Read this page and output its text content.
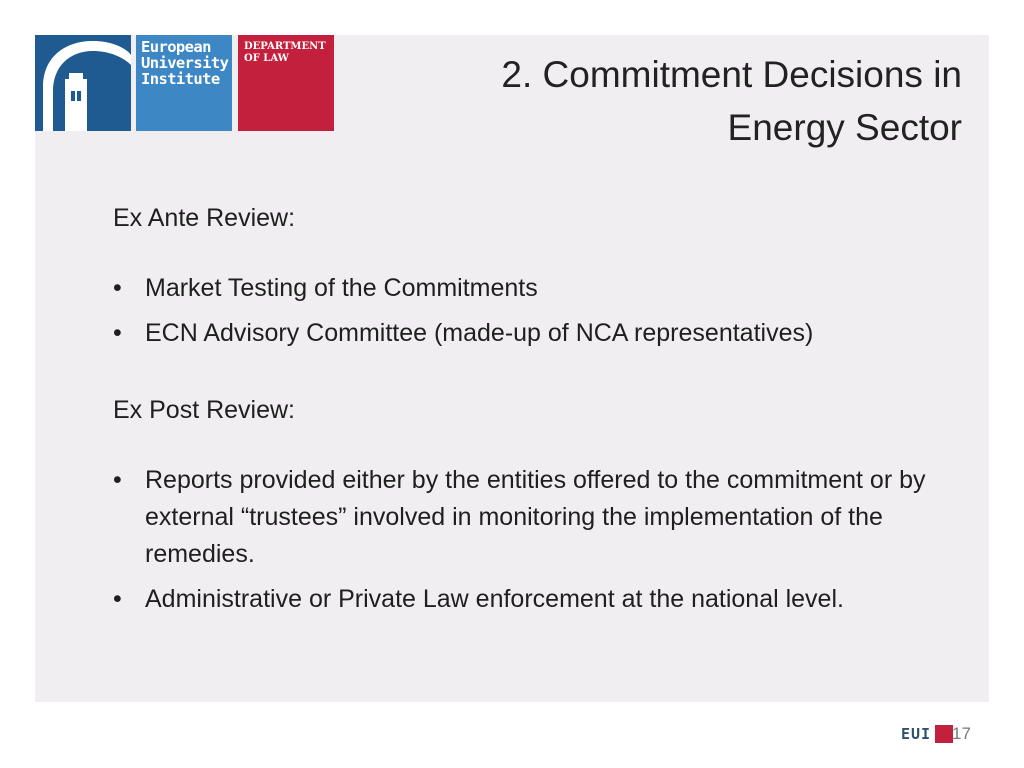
European
University
Institute
DEPARTMENT
OF LAW	2. Commitment Decisions in
Energy Sector

Ex Ante Review:

• Market Testing of the Commitments
• ECN Advisory Committee (made-up of NCA representatives)

Ex Post Review:

• Reports provided either by the entities offered to the commitment or by external “trustees” involved in monitoring the implementation of the remedies.
• Administrative or Private Law enforcement at the national level.
EUI 17
